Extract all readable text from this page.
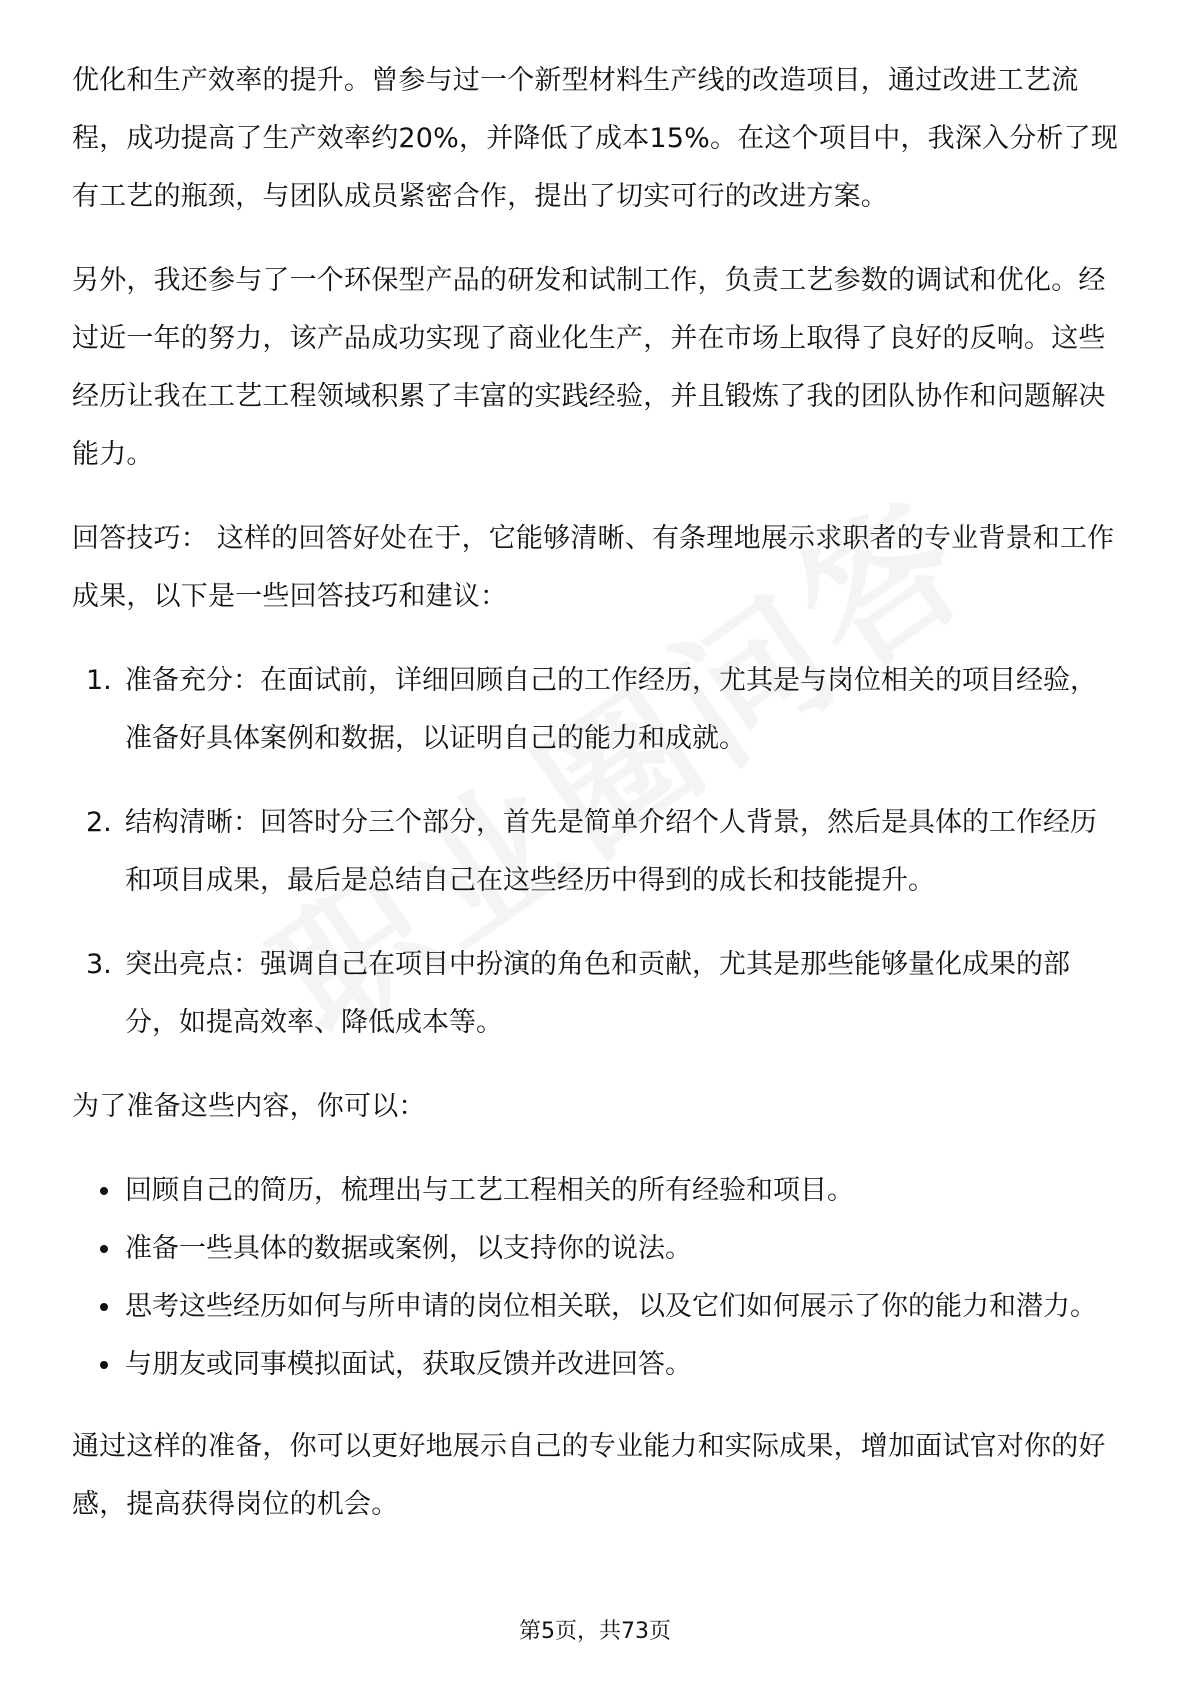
优化和生产效率的提升。曾参与过一个新型材料生产线的改造项目，通过改进工艺流程，成功提高了生产效率约20%，并降低了成本15%。在这个项目中，我深入分析了现有工艺的瓶颈，与团队成员紧密合作，提出了切实可行的改进方案。

另外，我还参与了一个环保型产品的研发和试制工作，负责工艺参数的调试和优化。经过近一年的努力，该产品成功实现了商业化生产，并在市场上取得了良好的反响。这些经历让我在工艺工程领域积累了丰富的实践经验，并且锻炼了我的团队协作和问题解决能力。

回答技巧： 这样的回答好处在于，它能够清晰、有条理地展示求职者的专业背景和工作成果，以下是一些回答技巧和建议：

1. 准备充分：在面试前，详细回顾自己的工作经历，尤其是与岗位相关的项目经验，准备好具体案例和数据，以证明自己的能力和成就。
2. 结构清晰：回答时分三个部分，首先是简单介绍个人背景，然后是具体的工作经历和项目成果，最后是总结自己在这些经历中得到的成长和技能提升。
3. 突出亮点：强调自己在项目中扮演的角色和贡献，尤其是那些能够量化成果的部分，如提高效率、降低成本等。

为了准备这些内容，你可以：

回顾自己的简历，梳理出与工艺工程相关的所有经验和项目。
准备一些具体的数据或案例，以支持你的说法。
思考这些经历如何与所申请的岗位相关联，以及它们如何展示了你的能力和潜力。
与朋友或同事模拟面试，获取反馈并改进回答。

通过这样的准备，你可以更好地展示自己的专业能力和实际成果，增加面试官对你的好感，提高获得岗位的机会。

第5页，共73页
